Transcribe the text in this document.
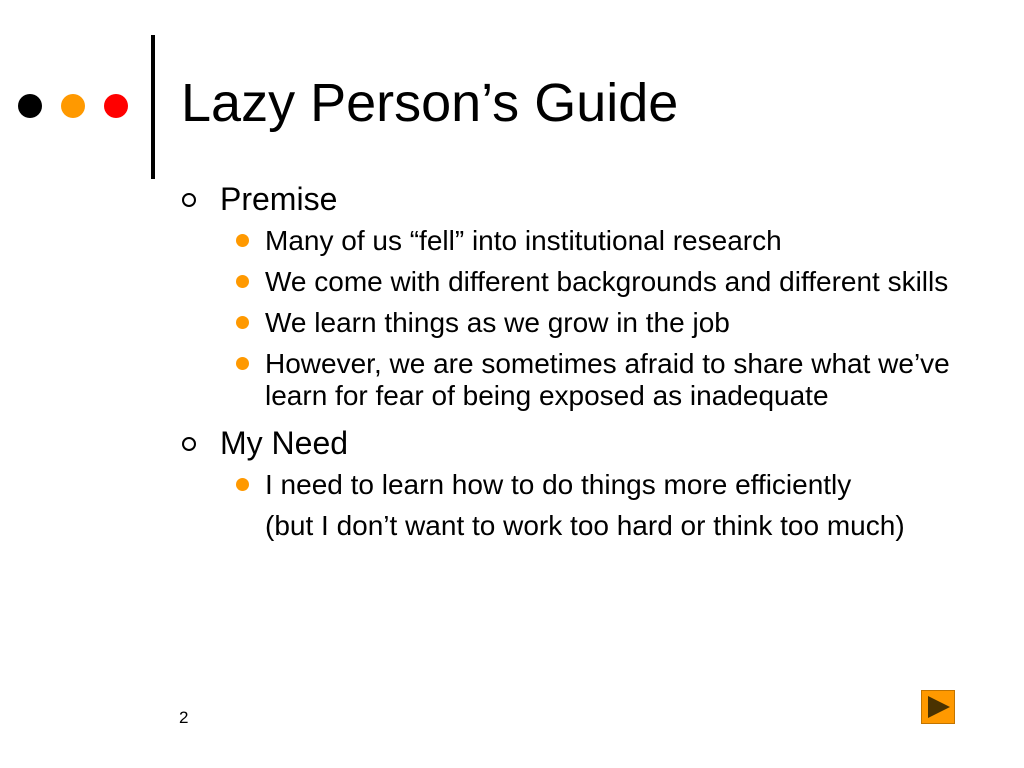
Lazy Person’s Guide
Premise
Many of us “fell” into institutional research
We come with different backgrounds and different skills
We learn things as we grow in the job
However, we are sometimes afraid to share what we’ve learn for fear of being exposed as inadequate
My Need
I need to learn how to do things more efficiently
(but I don’t want to work too hard or think too much)
2
